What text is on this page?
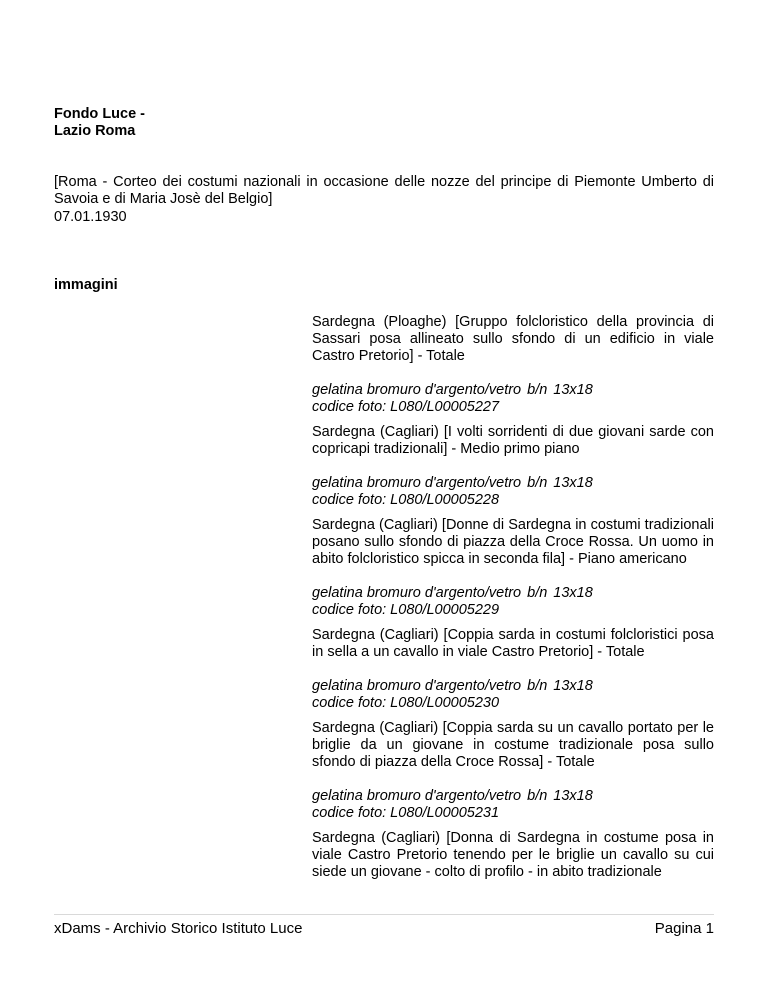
Fondo Luce -
Lazio Roma
[Roma - Corteo dei costumi nazionali in occasione delle nozze del principe di Piemonte Umberto di Savoia e di Maria Josè del Belgio]
07.01.1930
immagini
Sardegna (Ploaghe) [Gruppo folcloristico della provincia di Sassari posa allineato sullo sfondo di un edificio in viale Castro Pretorio] - Totale
gelatina bromuro d'argento/vetro b/n 13x18
codice foto: L080/L00005227
Sardegna (Cagliari) [I volti sorridenti di due giovani sarde con copricapi tradizionali] - Medio primo piano
gelatina bromuro d'argento/vetro b/n 13x18
codice foto: L080/L00005228
Sardegna (Cagliari) [Donne di Sardegna in costumi tradizionali posano sullo sfondo di piazza della Croce Rossa. Un uomo in abito folcloristico spicca in seconda fila] - Piano americano
gelatina bromuro d'argento/vetro b/n 13x18
codice foto: L080/L00005229
Sardegna (Cagliari) [Coppia sarda in costumi folcloristici posa in sella a un cavallo in viale Castro Pretorio] - Totale
gelatina bromuro d'argento/vetro b/n 13x18
codice foto: L080/L00005230
Sardegna (Cagliari) [Coppia sarda su un cavallo portato per le briglie da un giovane in costume tradizionale posa sullo sfondo di piazza della Croce Rossa] - Totale
gelatina bromuro d'argento/vetro b/n 13x18
codice foto: L080/L00005231
Sardegna (Cagliari) [Donna di Sardegna in costume posa in viale Castro Pretorio tenendo per le briglie un cavallo su cui siede un giovane - colto di profilo - in abito tradizionale
xDams - Archivio Storico Istituto Luce	Pagina 1
